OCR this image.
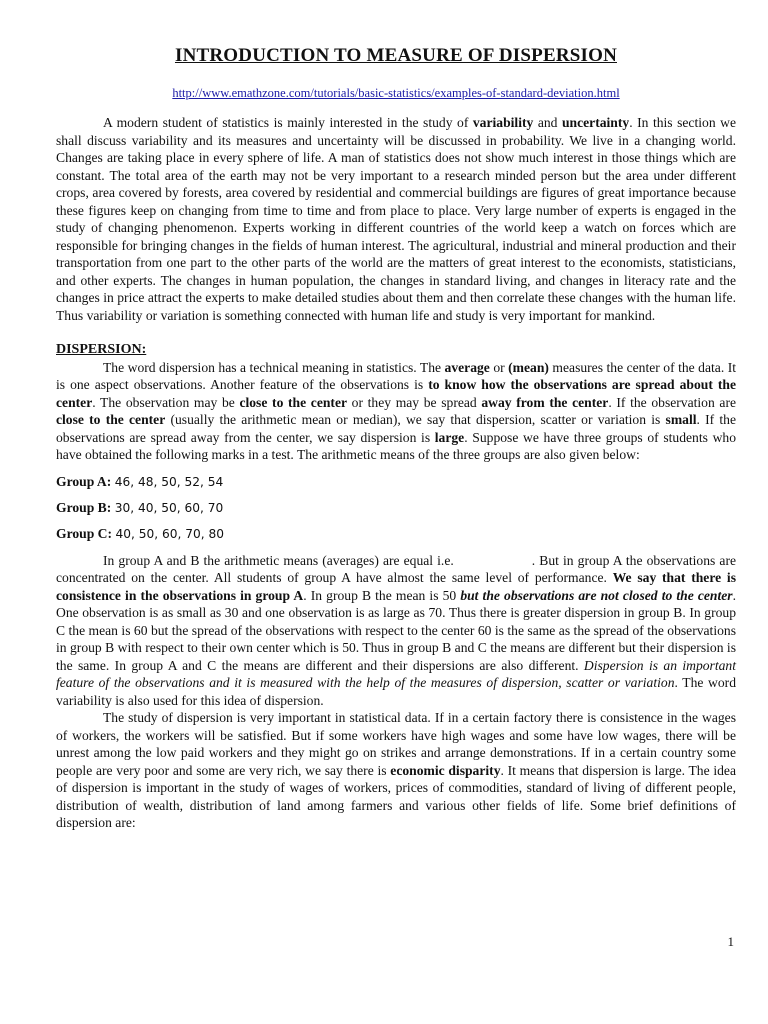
INTRODUCTION TO MEASURE OF DISPERSION
http://www.emathzone.com/tutorials/basic-statistics/examples-of-standard-deviation.html

A modern student of statistics is mainly interested in the study of variability and uncertainty. In this section we shall discuss variability and its measures and uncertainty will be discussed in probability. We live in a changing world. Changes are taking place in every sphere of life. A man of statistics does not show much interest in those things which are constant. The total area of the earth may not be very important to a research minded person but the area under different crops, area covered by forests, area covered by residential and commercial buildings are figures of great importance because these figures keep on changing from time to time and from place to place. Very large number of experts is engaged in the study of changing phenomenon. Experts working in different countries of the world keep a watch on forces which are responsible for bringing changes in the fields of human interest. The agricultural, industrial and mineral production and their transportation from one part to the other parts of the world are the matters of great interest to the economists, statisticians, and other experts. The changes in human population, the changes in standard living, and changes in literacy rate and the changes in price attract the experts to make detailed studies about them and then correlate these changes with the human life. Thus variability or variation is something connected with human life and study is very important for mankind.

DISPERSION:

The word dispersion has a technical meaning in statistics. The average or (mean) measures the center of the data. It is one aspect observations. Another feature of the observations is to know how the observations are spread about the center. The observation may be close to the center or they may be spread away from the center. If the observation are close to the center (usually the arithmetic mean or median), we say that dispersion, scatter or variation is small. If the observations are spread away from the center, we say dispersion is large. Suppose we have three groups of students who have obtained the following marks in a test. The arithmetic means of the three groups are also given below:

Group A: 46, 48, 50, 52, 54
Group B: 30, 40, 50, 60, 70
Group C: 40, 50, 60, 70, 80

In group A and B the arithmetic means (averages) are equal i.e.	. But in group A the observations are concentrated on the center. All students of group A have almost the same level of performance. We say that there is consistence in the observations in group A. In group B the mean is 50 but the observations are not closed to the center. One observation is as small as 30 and one observation is as large as 70. Thus there is greater dispersion in group B. In group C the mean is 60 but the spread of the observations with respect to the center 60 is the same as the spread of the observations in group B with respect to their own center which is 50. Thus in group B and C the means are different but their dispersion is the same. In group A and C the means are different and their dispersions are also different. Dispersion is an important feature of the observations and it is measured with the help of the measures of dispersion, scatter or variation. The word variability is also used for this idea of dispersion.

The study of dispersion is very important in statistical data. If in a certain factory there is consistence in the wages of workers, the workers will be satisfied. But if some workers have high wages and some have low wages, there will be unrest among the low paid workers and they might go on strikes and arrange demonstrations. If in a certain country some people are very poor and some are very rich, we say there is economic disparity. It means that dispersion is large. The idea of dispersion is important in the study of wages of workers, prices of commodities, standard of living of different people, distribution of wealth, distribution of land among farmers and various other fields of life. Some brief definitions of dispersion are:

1
